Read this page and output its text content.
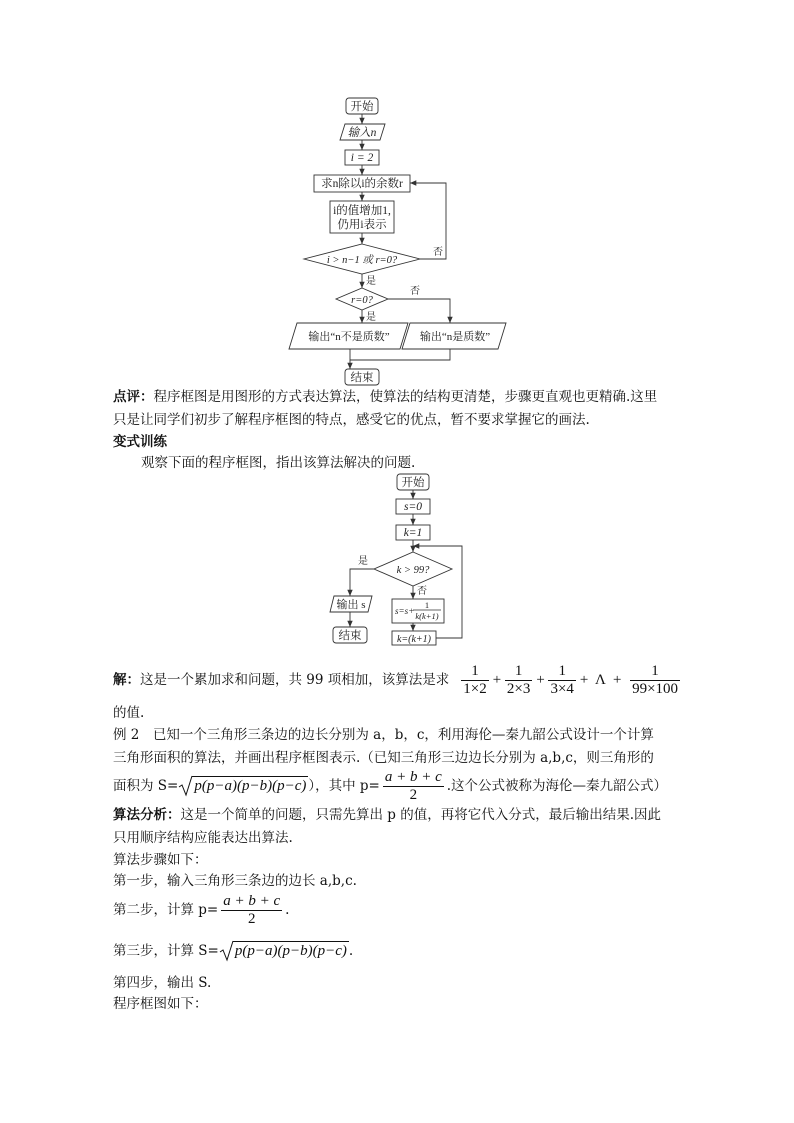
开始
输入n
i = 2
求n除以i的余数r
i的值增加1,
仍用i表示
i > n−1 或 r=0?
否
是
r=0?
否
是
输出“n不是质数”	输出“n是质数”
结束
点评：程序框图是用图形的方式表达算法，使算法的结构更清楚，步骤更直观也更精确.这里
只是让同学们初步了解程序框图的特点，感受它的优点，暂不要求掌握它的画法.
变式训练
观察下面的程序框图，指出该算法解决的问题.
开始
s=0
k=1
k > 99?
是
否
输出 s
结束
s=s+
1
k(k+1)
k=(k+1)
解： 这是一个累加求和问题，共 99 项相加，该算法是求 $\frac{1}{1\times 2} + \frac{1}{2\times 3} + \frac{1}{3\times 4} + \Lambda + \frac{1}{99\times 100}$
的值.
例 2　已知一个三角形三条边的边长分别为 a，b，c，利用海伦—秦九韶公式设计一个计算
三角形面积的算法，并画出程序框图表示.（已知三角形三边边长分别为 a,b,c，则三角形的
面积为 S=	p(p−a)(p−b)(p−c) ），其中 $p= \frac{a + b + c}{2}$ .这个公式被称为海伦—秦九韶公式）
算法分析：这是一个简单的问题，只需先算出 p 的值，再将它代入分式，最后输出结果.因此
只用顺序结构应能表达出算法.
算法步骤如下：
第一步，输入三角形三条边的边长 a,b,c.
第二步，计算 $p= \frac{a + b + c}{2}$ .
第三步，计算 S=	p(p−a)(p−b)(p−c) .
第四步，输出 S.
程序框图如下：
